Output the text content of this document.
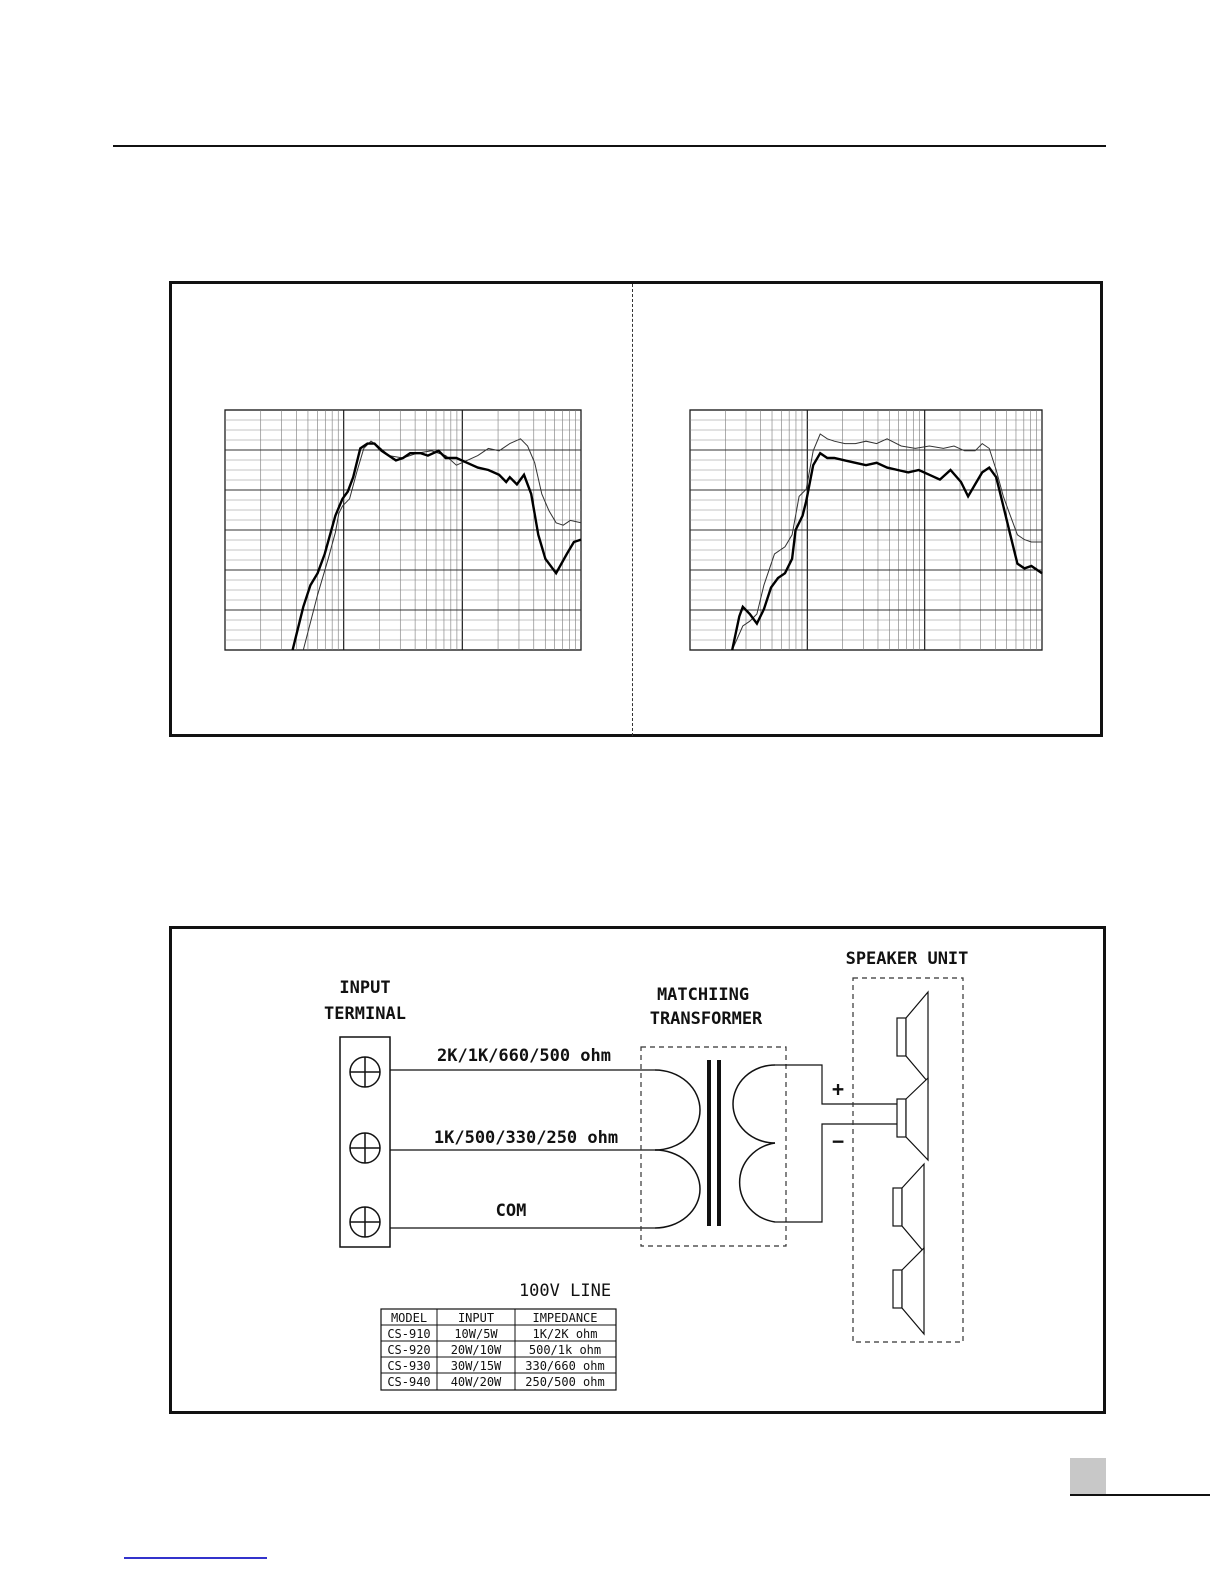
INPUT
TERMINAL
MATCHIING
TRANSFORMER
SPEAKER UNIT
2K/1K/660/500 ohm
1K/500/330/250 ohm
COM
+
−
100V LINE
MODEL	INPUT	IMPEDANCE
CS-910 10W/5W	1K/2K ohm
CS-920 20W/10W 500/1k ohm
CS-930 30W/15W 330/660 ohm
CS-940 40W/20W 250/500 ohm
